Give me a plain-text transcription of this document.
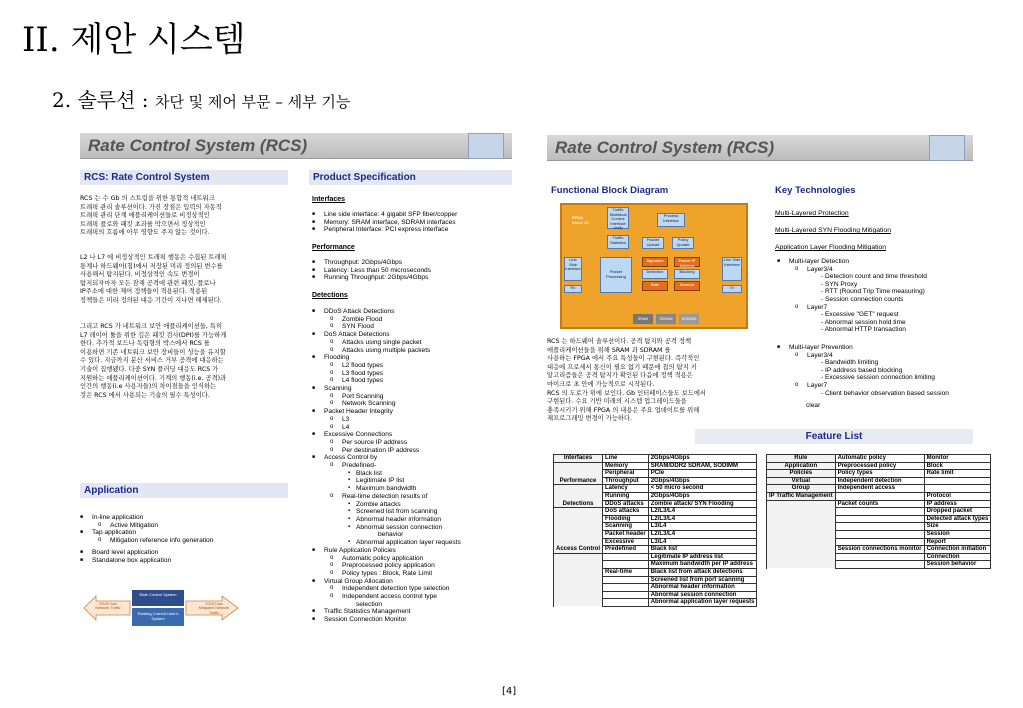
II. 제안 시스템
2. 솔루션 : 차단 및 제어 부문 – 세부 기능
Rate Control System (RCS)
RCS: Rate Control System
RCS 는 수 Gb 의 스트림을 위한 통합적 네트워크
트래픽 관리 솔루션이다. 가진 장점은 입력의 자동적
트래픽 관리 단계 애플리케이션들로 비정상적인
트래픽 플로와 패킷 초과를 막으면서 정상적인
트래픽의 흐름에 아무 영향도 주지 않는 것이다.
L2 나 L7 에 비정상적인 트래픽 행동은 수집된 트래픽
통계나 하드웨어(칩)에서 저장된 미리 정의된 변수를
사용해서 탐지된다. 비정상적인 속도 변경이
탐지되자마자 모든 잠재 공격에 관련 패킷, 플로나
IP주소에 대한 제어 정책들이 적용된다. 적용된
정책들은 미리 정의된 대응 기간이 지나면 해제된다.
그리고 RCS 가 네트워크 보안 애플리케이션들, 특히
L7 레이어 툴을 위한 깊은 패킷 검사(DPI)를 가능하게
한다. 추가적 보드나 독립형의 박스에서 RCS 를
이용하면 기존 네트워크 보안 장비들이 성능을 유지할
수 있다. 지금까지 분산 서비스 거부 공격에 대응하는
기술이 집행됐다. 다중 SYN 플러딩 대응도 RCS 가
지원하는 애플리케이션이다. 기계의 행동(i.e. 공격)과
인간의 행동(i.e 사용자들)의 차이점들을 인식하는
것은 RCS 에서 사용되는 기술의 필수 특성이다.
Application
■ In-line application
o Active Mitigation
■ Tap application
o Mitigation reference info generation
■ Board level application
■ Standalone box application
2G/40 bps
Network Traffic
Rate Control System
Existing Current User's System
2G/40 bps
Mitigated Network Traffic
Product Specification
Interfaces
■ Line side interface: 4 gigabit SFP fiber/copper
■ Memory: SRAM interface, SDRAM interfaces
■ Peripheral Interface: PCI express interface
Performance
■ Throughput: 2Gbps/4Gbps
■ Latency: Less than 50 microseconds
■ Running Throughput: 2Gbps/4Gbps
Detections
■ DDoS Attack Detections
o Zombie Flood
o SYN Flood
■ DoS Attack Detections
o Attacks using single packet
o Attacks using multiple packets
■ Flooding
o L2 flood types
o L3 flood types
o L4 flood types
■ Scanning
o Port Scanning
o Network Scanning
■ Packet Header Integrity
o L3
o L4
■ Excessive Connections
o Per source IP address
o Per destination IP address
■ Access Control by
o Predefined-
▪ Black list
▪ Legitimate IP list
▪ Maximum bandwidth
o Real-time detection results of
▪ Zombie attacks
▪ Screened list from scanning
▪ Abnormal header information
▪ Abnormal session connection
behavior
▪ Abnormal application layer requests
■ Rule Application Policies
o Automatic policy application
o Preprocessed policy application
o Policy types : Block, Rate Limit
■ Virtual Group Allocation
o Independent detection type selection
o Independent access control type
selection
■ Traffic Statistics Management
■ Session Connection Monitor
Rate Control System (RCS)
Functional Block Diagram	Key Technologies
FPGA
Altera V5
Traffic Statistical Control Interface Unify
Process Interface
Traffic Statistics
Packet Upload
Policy Update
Line Side Interface
Packet Processing
Signature	Packet IP Address
Detection	Blocking
Rate	Session
Line Side Interface
Rx	Tx
SRAM	SDRAM	SODIMM
RCS 는 하드웨어 솔루션이다. 공격 탐지와 공격 정책
애플리케이션들을 위해 SRAM 과 SDRAM 를
사용하는 FPGA 에서 주요 특성들이 구현된다. 즉각적인
대응에 프로세서 통신이 필요 없기 때문에 칩의 탐지 키
알고리즘들은 공격 탐지가 확인된 다음에 정책 적용은
마이크로 초 안에 가능적으로 시작된다.
RCS 의 도로가 위에 보인다. Gb 인터페이스들도 보드에서
구현된다. 수요 기반 미래의 시스템 업그레이드들을
충족시키기 위해 FPGA 의 내용은 주요 업데이트를 위해
재프로그래밍 변경이 가능하다.
Multi-Layered Protection
Multi-Layered SYN Flooding Mitigation
Application Layer Flooding Mitigation
■ Multi-layer Detection
o Layer3/4
- Detection count and time threshold
- SYN Proxy
- RTT (Round Trip Time measuring)
- Session connection counts
o Layer7
- Excessive "GET" request
- Abnormal session hold time
- Abnormal HTTP transaction
■ Multi-layer Prevention
o Layer3/4
- Bandwidth limiting
- IP address based blocking
- Excessive session connection limiting
o Layer7
- Client behavior observation based session
clear
Feature List
Interfaces	Line	2Gbps/4Gbps
	Memory	SRAM/DDR2 SDRAM, SODIMM
	Peripheral	PCIe
Performance	Throughput	2Gbps/4Gbps
	Latency	< 50 micro second
	Running	2Gbps/4Gbps
Detections	DDoS attacks	Zombie attack/ SYN Flooding
	DoS attacks	L2/L3/L4
	Flooding	L2/L3/L4
	Scanning	L3/L4
	Packet header	L2/L3/L4
	Excessive	L3/L4
Access Control	Predefined	Black list
		Legitimate IP address list
		Maximum bandwidth per IP address
	Real-time	Black list from attack detections
		Screened list from port scanning
		Abnormal header information
		Abnormal session connection
		Abnormal application layer requests
Rule	Automatic policy	Monitor
Application	Preprocessed policy	Block
Policies	Policy types	Rate limit
Virtual	Independent detection	
Group	Independent access	
IP Traffic Management		Protocol
	Packet counts	IP address
		Dropped packet
		Detected attack types
		Size
		Session
		Report
	Session connections monitor	Connection initiation
		Connection
		Session behavior
[4]
